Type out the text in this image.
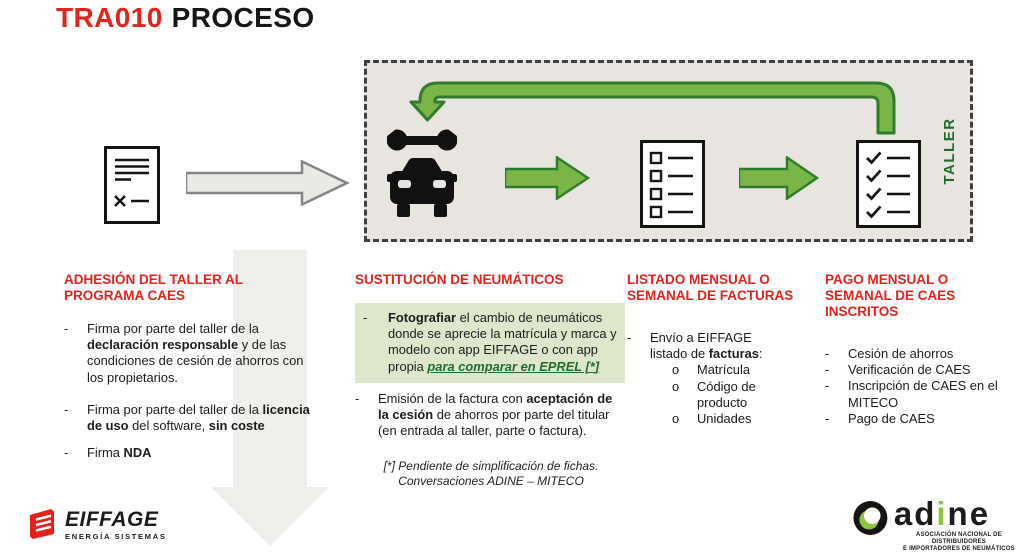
TRA010 PROCESO
TALLER
ADHESIÓN DEL TALLER AL PROGRAMA CAES
-	Firma por parte del taller de la declaración responsable y de las condiciones de cesión de ahorros con los propietarios.

-	Firma por parte del taller de la licencia de uso del software, sin coste

-	Firma NDA

SUSTITUCIÓN DE NEUMÁTICOS
-	Fotografiar el cambio de neumáticos donde se aprecie la matrícula y marca y modelo con app EIFFAGE o con app propia para comparar en EPREL [*]

-	Emisión de la factura con aceptación de la cesión de ahorros por parte del titular (en entrada al taller, parte o factura).

[*] Pendiente de simplificación de fichas.
Conversaciones ADINE – MITECO
LISTADO MENSUAL O SEMANAL DE FACTURAS
-	Envío a EIFFAGE listado de facturas:

o	Matrícula

o	Código de producto

o	Unidades

PAGO MENSUAL O SEMANAL DE CAES INSCRITOS
-	Cesión de ahorros

-	Verificación de CAES

-	Inscripción de CAES en el MITECO

-	Pago de CAES

EIFFAGE
ENERGÍA SISTEMAS
adine
ASOCIACIÓN NACIONAL DE DISTRIBUIDORES
E IMPORTADORES DE NEUMÁTICOS
